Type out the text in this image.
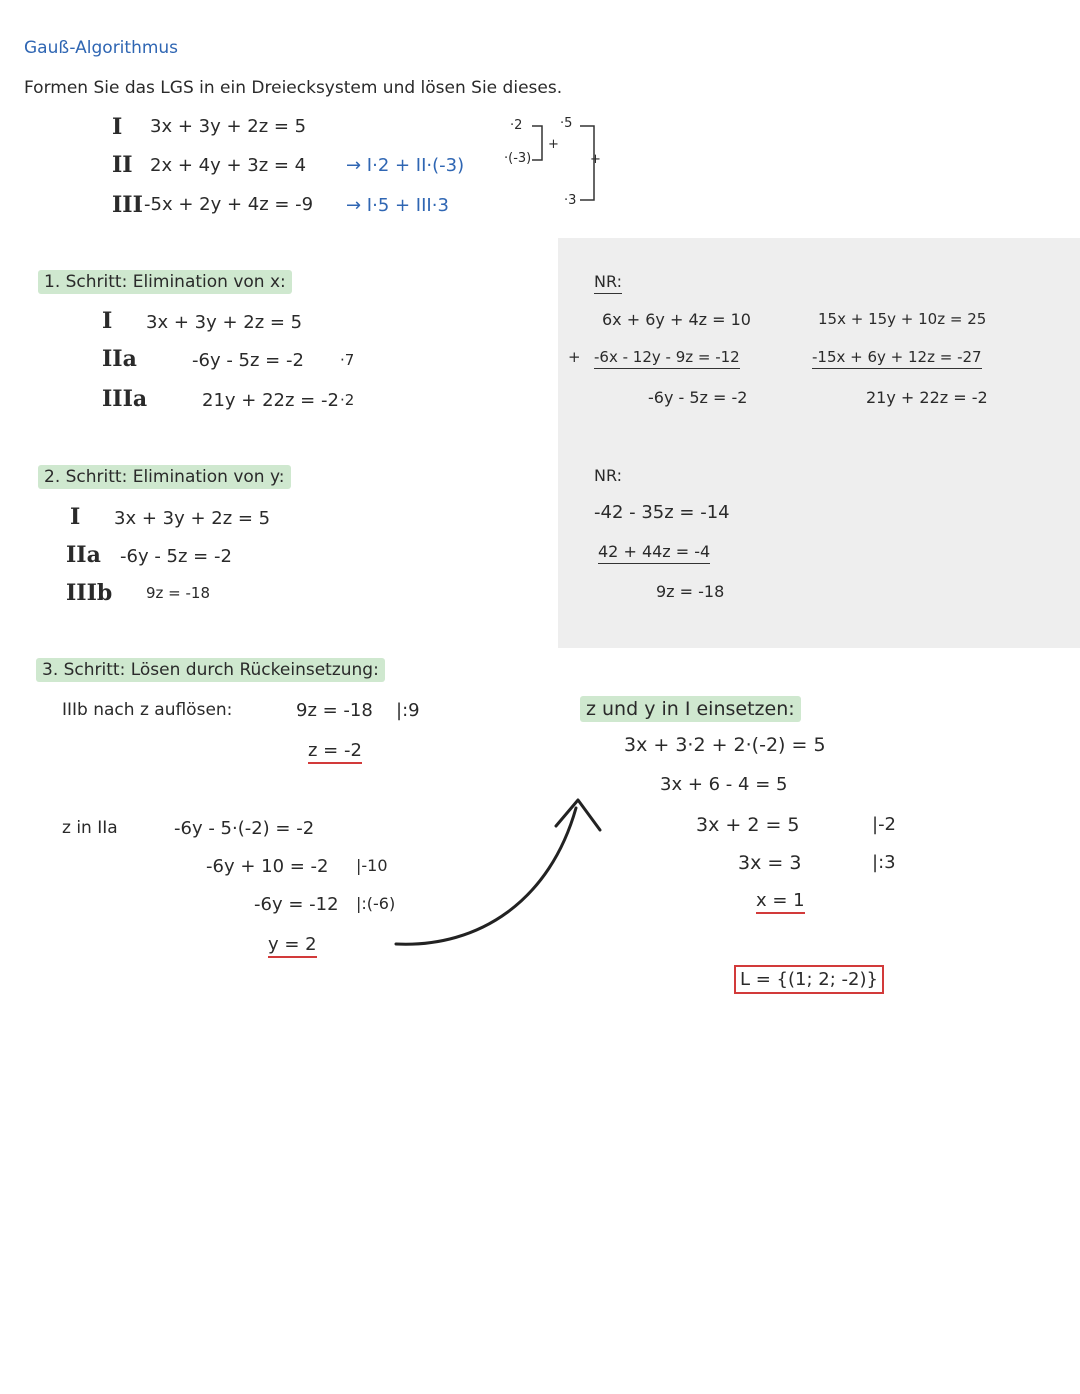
Gauß-Algorithmus
Formen Sie das LGS in ein Dreiecksystem und lösen Sie dieses.
I 3x + 3y + 2z = 5
II 2x + 4y + 3z = 4 → I·2 + II·(-3)
III -5x + 2y + 4z = -9 → I·5 + III·3
·2	·5
·(-3)
·3
+
+
1. Schritt: Elimination von x:
I 3x + 3y + 2z = 5
IIa	-6y - 5z = -2 ·7
IIIa	21y + 22z = -2 ·2
NR:
6x + 6y + 4z = 10
+ -6x - 12y - 9z = -12
-6y - 5z = -2
15x + 15y + 10z = 25
-15x + 6y + 12z = -27
21y + 22z = -2
2. Schritt: Elimination von y:
I 3x + 3y + 2z = 5
IIa -6y - 5z = -2
IIIb 9z = -18
NR:
-42 - 35z = -14
42 + 44z = -4
9z = -18
3. Schritt: Lösen durch Rückeinsetzung:
IIIb nach z auflösen:	9z = -18 |:9
z = -2
z in IIa	-6y - 5·(-2) = -2
-6y + 10 = -2 |-10
-6y = -12 |:(-6)
y = 2
z und y in I einsetzen:
3x + 3·2 + 2·(-2) = 5
3x + 6 - 4 = 5
3x + 2 = 5	|-2
3x = 3	|:3
x = 1
L = {(1; 2; -2)}
